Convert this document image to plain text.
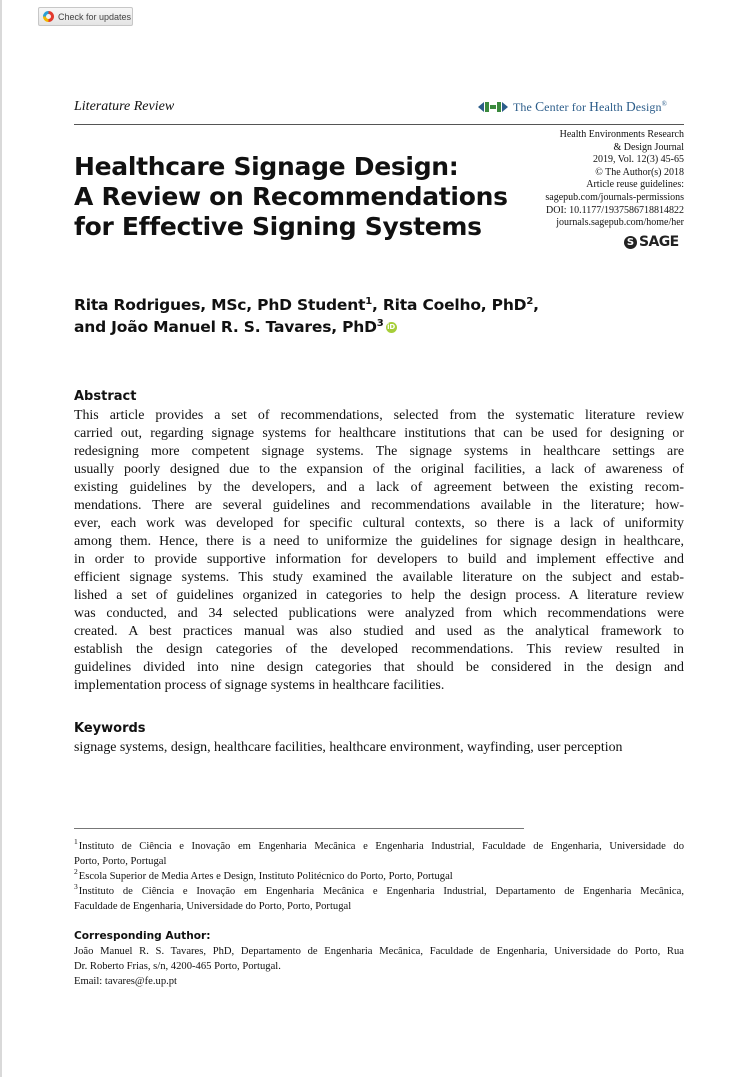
Check for updates
Literature Review	The Center for Health Design®
Healthcare Signage Design:
A Review on Recommendations
for Effective Signing Systems
Health Environments Research
& Design Journal
2019, Vol. 12(3) 45-65
© The Author(s) 2018
Article reuse guidelines:
sagepub.com/journals-permissions
DOI: 10.1177/1937586718814822
journals.sagepub.com/home/her
S SAGE
Rita Rodrigues, MSc, PhD Student$^1$, Rita Coelho, PhD$^2$,
and João Manuel R. S. Tavares, PhD$^3$ iD
Abstract

This article provides a set of recommendations, selected from the systematic literature review
carried out, regarding signage systems for healthcare institutions that can be used for designing or
redesigning more competent signage systems. The signage systems in healthcare settings are
usually poorly designed due to the expansion of the original facilities, a lack of awareness of
existing guidelines by the developers, and a lack of agreement between the existing recom-
mendations. There are several guidelines and recommendations available in the literature; how-
ever, each work was developed for specific cultural contexts, so there is a lack of uniformity
among them. Hence, there is a need to uniformize the guidelines for signage design in healthcare,
in order to provide supportive information for developers to build and implement effective and
efficient signage systems. This study examined the available literature on the subject and estab-
lished a set of guidelines organized in categories to help the design process. A literature review
was conducted, and 34 selected publications were analyzed from which recommendations were
created. A best practices manual was also studied and used as the analytical framework to
establish the design categories of the developed recommendations. This review resulted in
guidelines divided into nine design categories that should be considered in the design and
implementation process of signage systems in healthcare facilities.

Keywords
signage systems, design, healthcare facilities, healthcare environment, wayfinding, user perception
$^1$Instituto de Ciência e Inovação em Engenharia Mecânica e Engenharia Industrial, Faculdade de Engenharia, Universidade do
Porto, Porto, Portugal
$^2$Escola Superior de Media Artes e Design, Instituto Politécnico do Porto, Porto, Portugal
$^3$Instituto de Ciência e Inovação em Engenharia Mecânica e Engenharia Industrial, Departamento de Engenharia Mecânica,
Faculdade de Engenharia, Universidade do Porto, Porto, Portugal
Corresponding Author:
João Manuel R. S. Tavares, PhD, Departamento de Engenharia Mecânica, Faculdade de Engenharia, Universidade do Porto, Rua
Dr. Roberto Frias, s/n, 4200-465 Porto, Portugal.
Email: tavares@fe.up.pt
